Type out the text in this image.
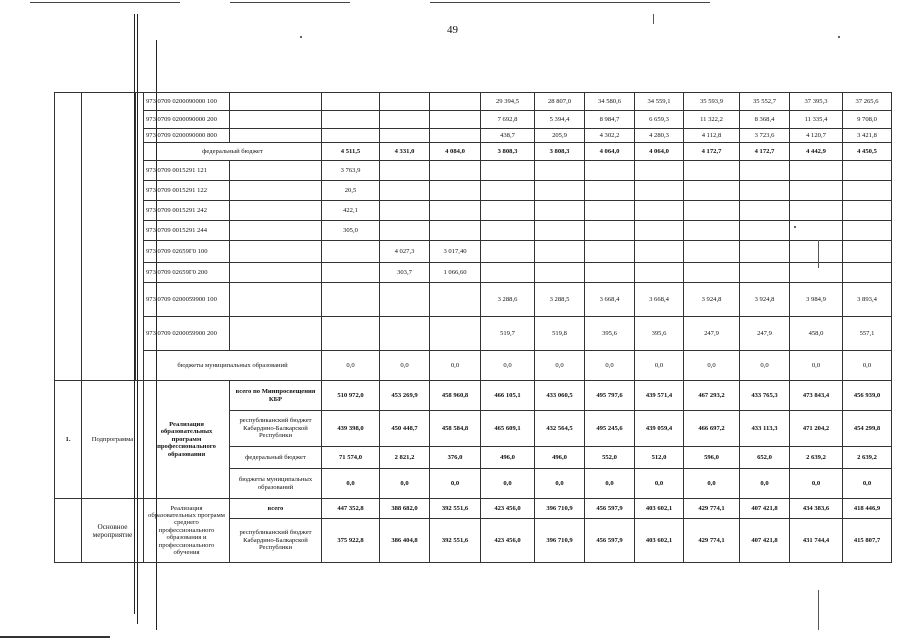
49
			973 0709 0200090000 100					29 394,5	28 807,0	34 580,6	34 559,1	35 593,9	35 552,7	37 395,3	37 265,6
			973 0709 0200090000 200					7 692,8	5 394,4	8 984,7	6 659,3	11 322,2	8 368,4	11 335,4	9 708,0
			973 0709 0200090000 800					438,7	205,9	4 302,2	4 280,3	4 112,8	3 723,6	4 120,7	3 421,8
			федеральный бюджет		4 511,5	4 331,0	4 084,0	3 808,3	3 808,3	4 064,0	4 064,0	4 172,7	4 172,7	4 442,9	4 450,5
			973 0709 0015291 121		3 763,9										
			973 0709 0015291 122		20,5										
			973 0709 0015291 242		422,1										
			973 0709 0015291 244		305,0										
			973 0709 02659Г0 100			4 027,3	3 017,40								
			973 0709 02659Г0 200			303,7	1 066,60								
			973 0709 0200059900 100					3 288,6	3 288,5	3 668,4	3 668,4	3 924,8	3 924,8	3 984,9	3 893,4
			973 0709 0200059900 200					519,7	519,8	395,6	395,6	247,9	247,9	458,0	557,1
			бюджеты муниципальных образований		0,0	0,0	0,0	0,0	0,0	0,0	0,0	0,0	0,0	0,0	0,0
1.	Подпрограмма		Реализация образовательных программ профессионального образования	всего по Минпросвещения КБР	510 972,0	453 269,9	458 960,8	466 105,1	433 060,5	495 797,6	439 571,4	467 293,2	433 765,3	473 843,4	456 939,0
				республиканский бюджет Кабардино-Балкарской Республики	439 398,0	450 448,7	458 584,8	465 609,1	432 564,5	495 245,6	439 059,4	466 697,2	433 113,3	471 204,2	454 299,8
				федеральный бюджет	71 574,0	2 821,2	376,0	496,0	496,0	552,0	512,0	596,0	652,0	2 639,2	2 639,2
				бюджеты муниципальных образований	0,0	0,0	0,0	0,0	0,0	0,0	0,0	0,0	0,0	0,0	0,0
	Основное мероприятие		Реализация образовательных программ среднего профессионального образования и профессионального обучения	всего	447 352,8	388 682,0	392 551,6	423 456,0	396 710,9	456 597,9	403 602,1	429 774,1	407 421,8	434 383,6	418 446,9
				республиканский бюджет Кабардино-Балкарской Республики	375 922,8	386 404,8	392 551,6	423 456,0	396 710,9	456 597,9	403 602,1	429 774,1	407 421,8	431 744,4	415 807,7
